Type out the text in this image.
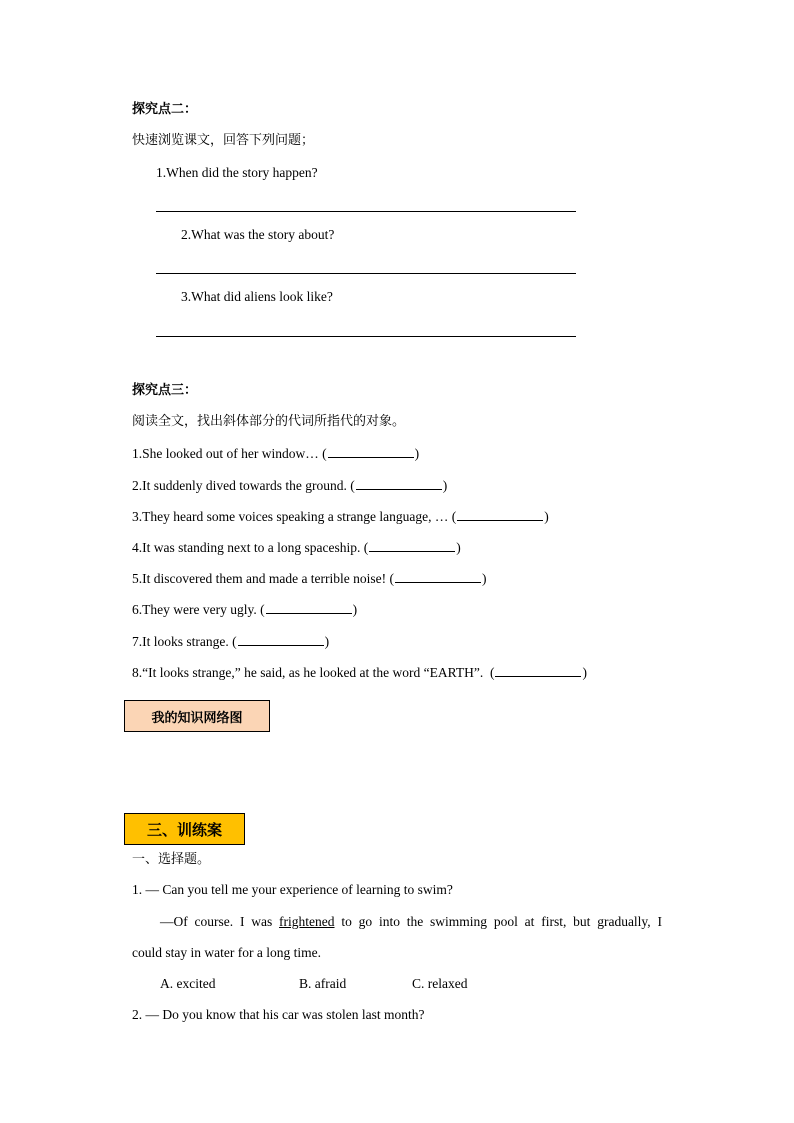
探究点二：
快速浏览课文，回答下列问题；
1.When did the story happen?
2.What was the story about?
3.What did aliens look like?
探究点三：
阅读全文，找出斜体部分的代词所指代的对象。
1.She looked out of her window… (	)
2.It suddenly dived towards the ground. (	)
3.They heard some voices speaking a strange language, … (	)
4.It was standing next to a long spaceship. (	)
5.It discovered them and made a terrible noise! (	)
6.They were very ugly. (	)
7.It looks strange. (	)
8.“It looks strange,” he said, as he looked at the word “EARTH”.  (	)
我的知识网络图
三、训练案
一、选择题。
1. — Can you tell me your experience of learning to swim?
—Of course. I was frightened to go into the swimming pool at first, but gradually, I
could stay in water for a long time.
A. excited	B. afraid	C. relaxed
2. — Do you know that his car was stolen last month?
